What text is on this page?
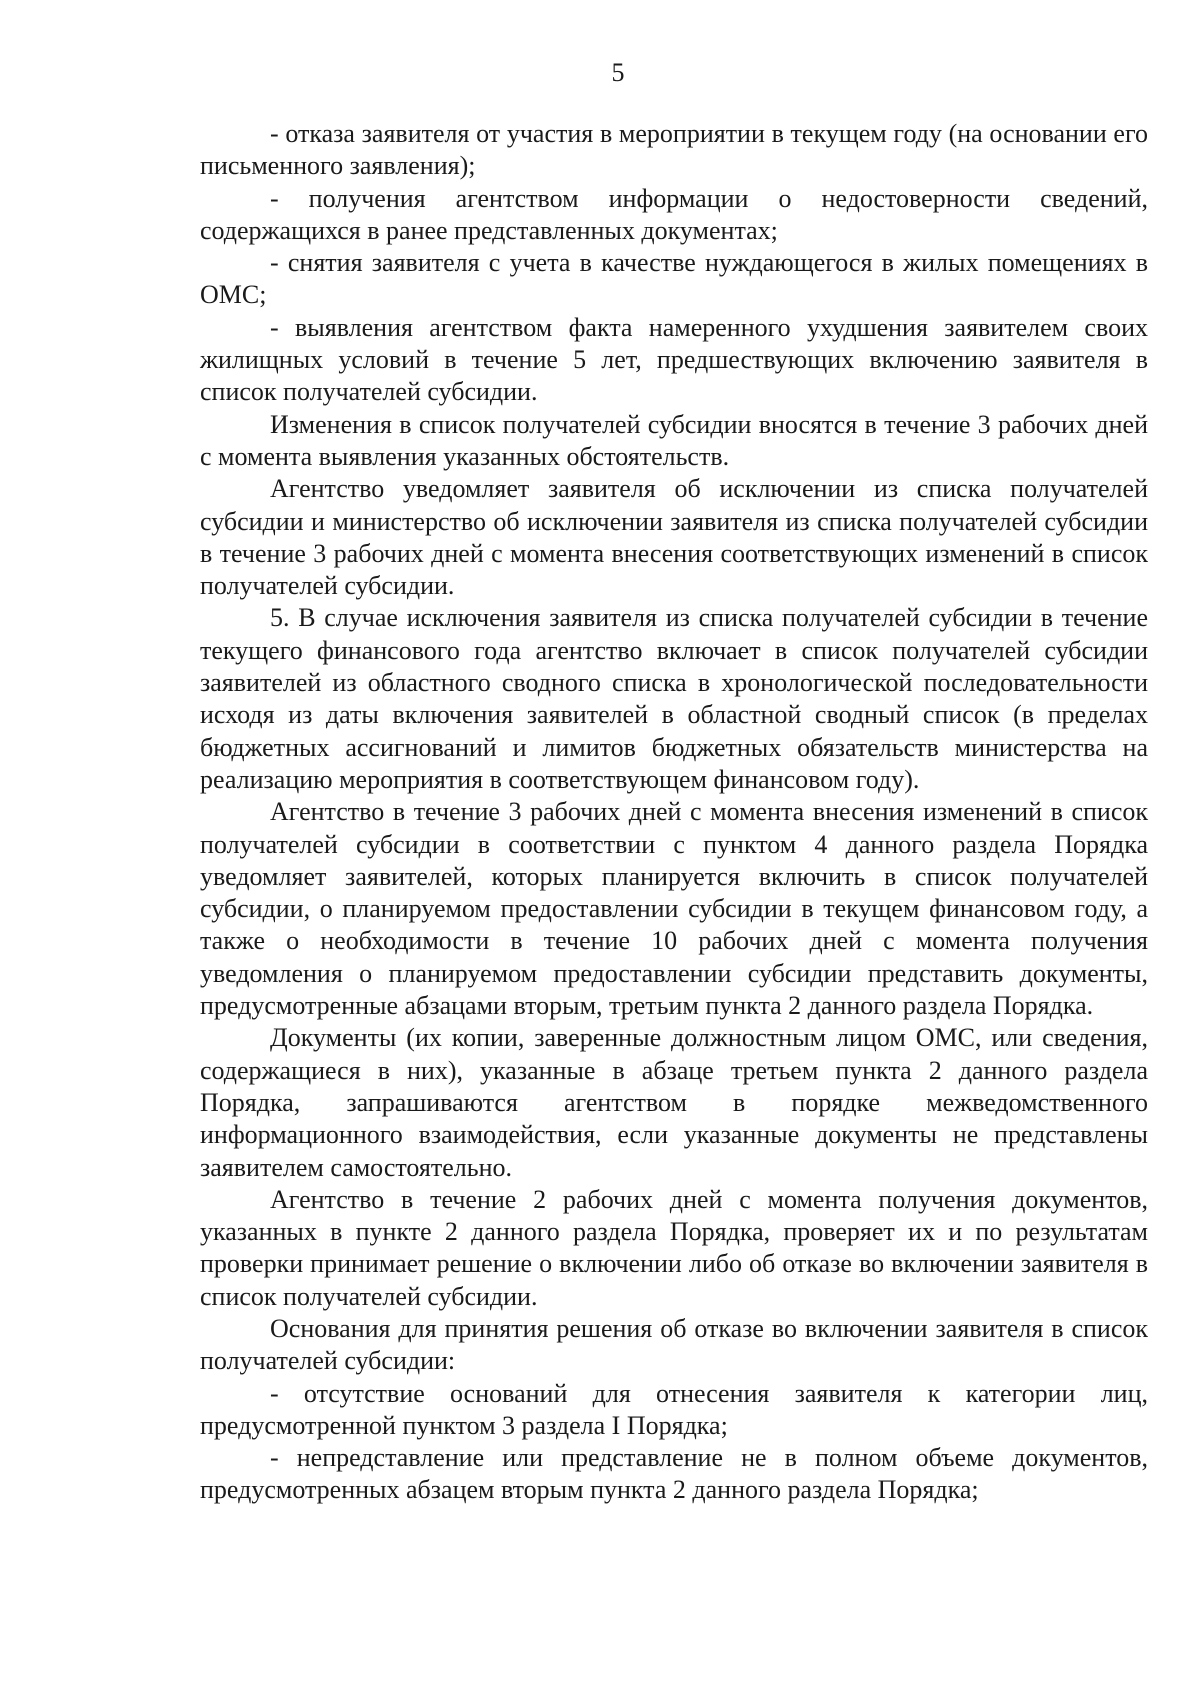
5

- отказа заявителя от участия в мероприятии в текущем году (на основании его письменного заявления);

- получения агентством информации о недостоверности сведений, содержащихся в ранее представленных документах;

- снятия заявителя с учета в качестве нуждающегося в жилых помещениях в ОМС;

- выявления агентством факта намеренного ухудшения заявителем своих жилищных условий в течение 5 лет, предшествующих включению заявителя в список получателей субсидии.

Изменения в список получателей субсидии вносятся в течение 3 рабочих дней с момента выявления указанных обстоятельств.

Агентство уведомляет заявителя об исключении из списка получателей субсидии и министерство об исключении заявителя из списка получателей субсидии в течение 3 рабочих дней с момента внесения соответствующих изменений в список получателей субсидии.

5. В случае исключения заявителя из списка получателей субсидии в течение текущего финансового года агентство включает в список получателей субсидии заявителей из областного сводного списка в хронологической последовательности исходя из даты включения заявителей в областной сводный список (в пределах бюджетных ассигнований и лимитов бюджетных обязательств министерства на реализацию мероприятия в соответствующем финансовом году).

Агентство в течение 3 рабочих дней с момента внесения изменений в список получателей субсидии в соответствии с пунктом 4 данного раздела Порядка уведомляет заявителей, которых планируется включить в список получателей субсидии, о планируемом предоставлении субсидии в текущем финансовом году, а также о необходимости в течение 10 рабочих дней с момента получения уведомления о планируемом предоставлении субсидии представить документы, предусмотренные абзацами вторым, третьим пункта 2 данного раздела Порядка.

Документы (их копии, заверенные должностным лицом ОМС, или сведения, содержащиеся в них), указанные в абзаце третьем пункта 2 данного раздела Порядка, запрашиваются агентством в порядке межведомственного информационного взаимодействия, если указанные документы не представлены заявителем самостоятельно.

Агентство в течение 2 рабочих дней с момента получения документов, указанных в пункте 2 данного раздела Порядка, проверяет их и по результатам проверки принимает решение о включении либо об отказе во включении заявителя в список получателей субсидии.

Основания для принятия решения об отказе во включении заявителя в список получателей субсидии:

- отсутствие оснований для отнесения заявителя к категории лиц, предусмотренной пунктом 3 раздела I Порядка;

- непредставление или представление не в полном объеме документов, предусмотренных абзацем вторым пункта 2 данного раздела Порядка;
